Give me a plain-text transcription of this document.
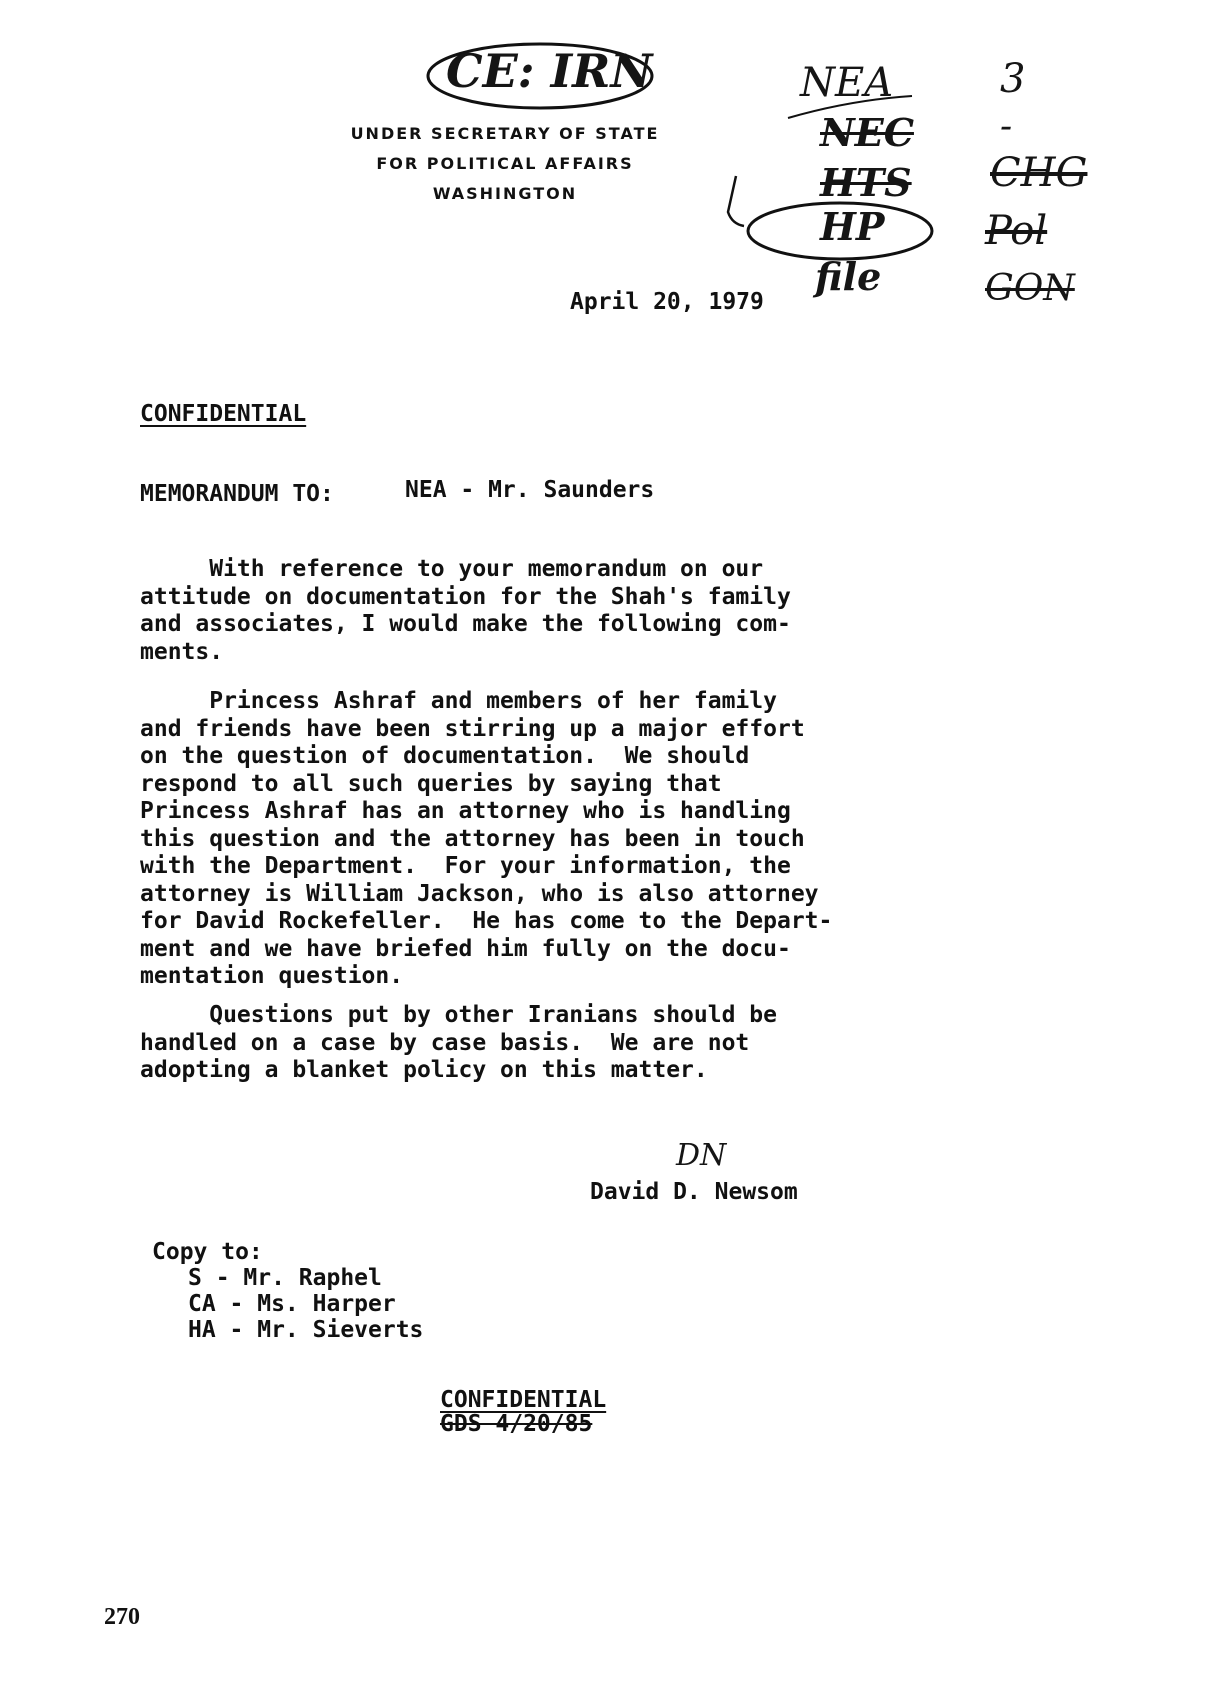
CE: IRN
UNDER SECRETARY OF STATE
FOR POLITICAL AFFAIRS
WASHINGTON
NEA
NEC
HTS
HP
file
3
-
CHG
Pol
GON
April 20, 1979
CONFIDENTIAL
MEMORANDUM TO:	NEA - Mr. Saunders
With reference to your memorandum on our
attitude on documentation for the Shah's family
and associates, I would make the following com-
ments.
Princess Ashraf and members of her family
and friends have been stirring up a major effort
on the question of documentation.  We should
respond to all such queries by saying that
Princess Ashraf has an attorney who is handling
this question and the attorney has been in touch
with the Department.  For your information, the
attorney is William Jackson, who is also attorney
for David Rockefeller.  He has come to the Depart-
ment and we have briefed him fully on the docu-
mentation question.
Questions put by other Iranians should be
handled on a case by case basis.  We are not
adopting a blanket policy on this matter.
DN
David D. Newsom
Copy to:
S - Mr. Raphel
CA - Ms. Harper
HA - Mr. Sieverts
CONFIDENTIAL
GDS 4/20/85
270
